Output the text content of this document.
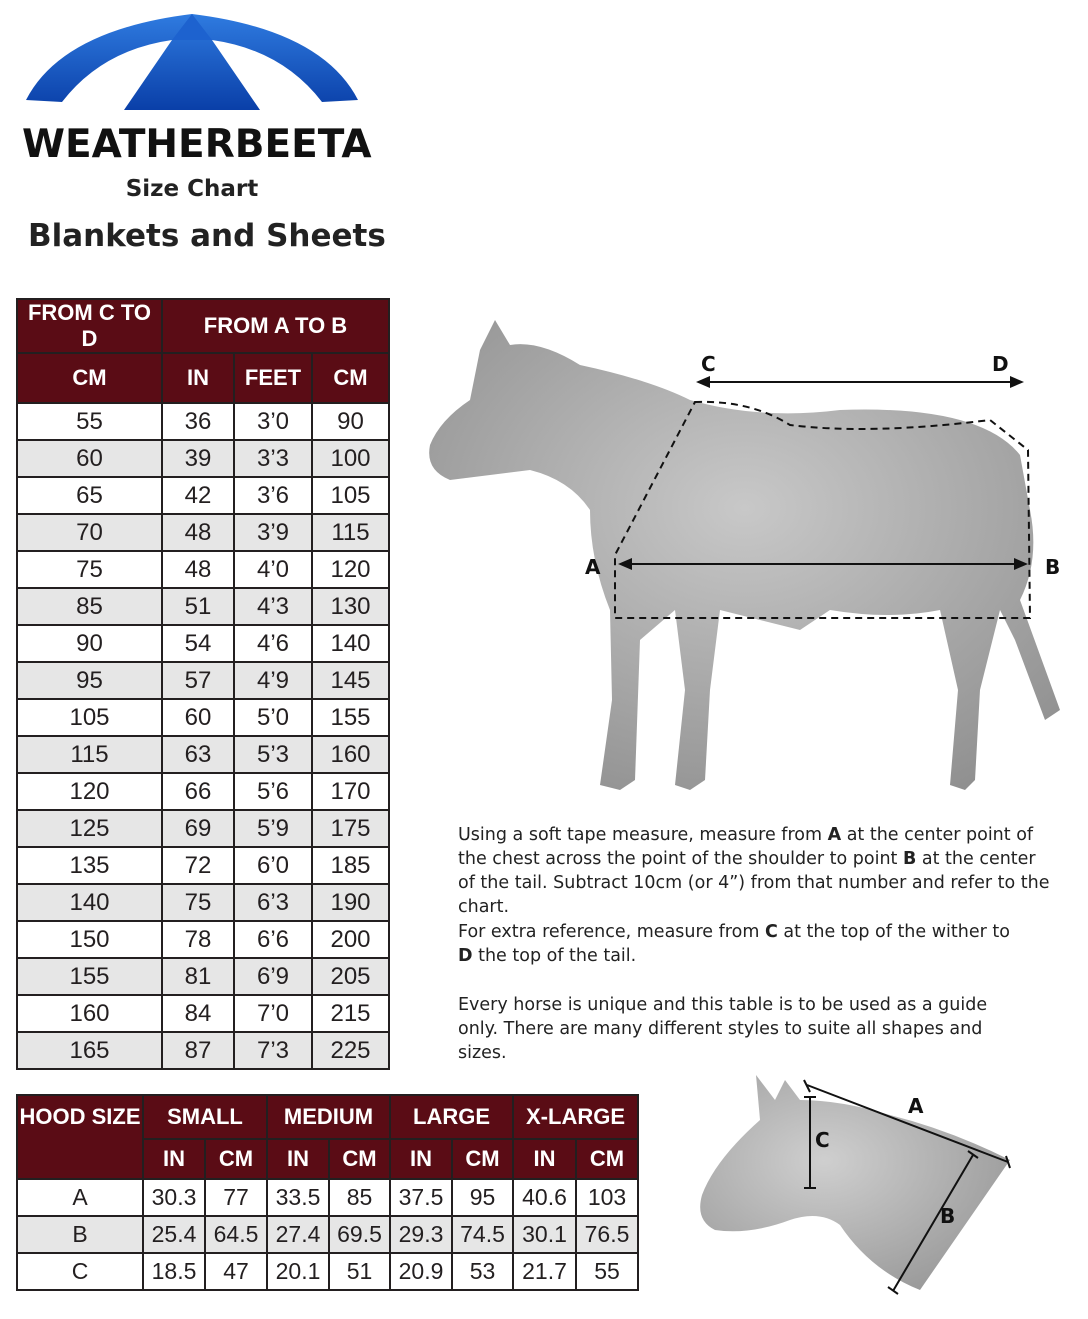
WEATHERBEETA
Size Chart
Blankets and Sheets
FROM C TO D	FROM A TO B		
CM	IN	FEET	CM
55	36	3’0	90
60	39	3’3	100
65	42	3’6	105
70	48	3’9	115
75	48	4’0	120
85	51	4’3	130
90	54	4’6	140
95	57	4’9	145
105	60	5’0	155
115	63	5’3	160
120	66	5’6	170
125	69	5’9	175
135	72	6’0	185
140	75	6’3	190
150	78	6’6	200
155	81	6’9	205
160	84	7’0	215
165	87	7’3	225
HOOD SIZE	SMALL		MEDIUM		LARGE		X-LARGE	
	IN	CM	IN	CM	IN	CM	IN	CM
A	30.3	77	33.5	85	37.5	95	40.6	103
B	25.4	64.5	27.4	69.5	29.3	74.5	30.1	76.5
C	18.5	47	20.1	51	20.9	53	21.7	55
C	D
A	B
Using a soft tape measure, measure from A at the center point of the chest across the point of the shoulder to point B at the center of the tail. Subtract 10cm (or 4”) from that number and refer to the chart.
For extra reference, measure from C at the top of the wither to
D the top of the tail.
Every horse is unique and this table is to be used as a guide only. There are many different styles to suite all shapes and sizes.
A
B
C
